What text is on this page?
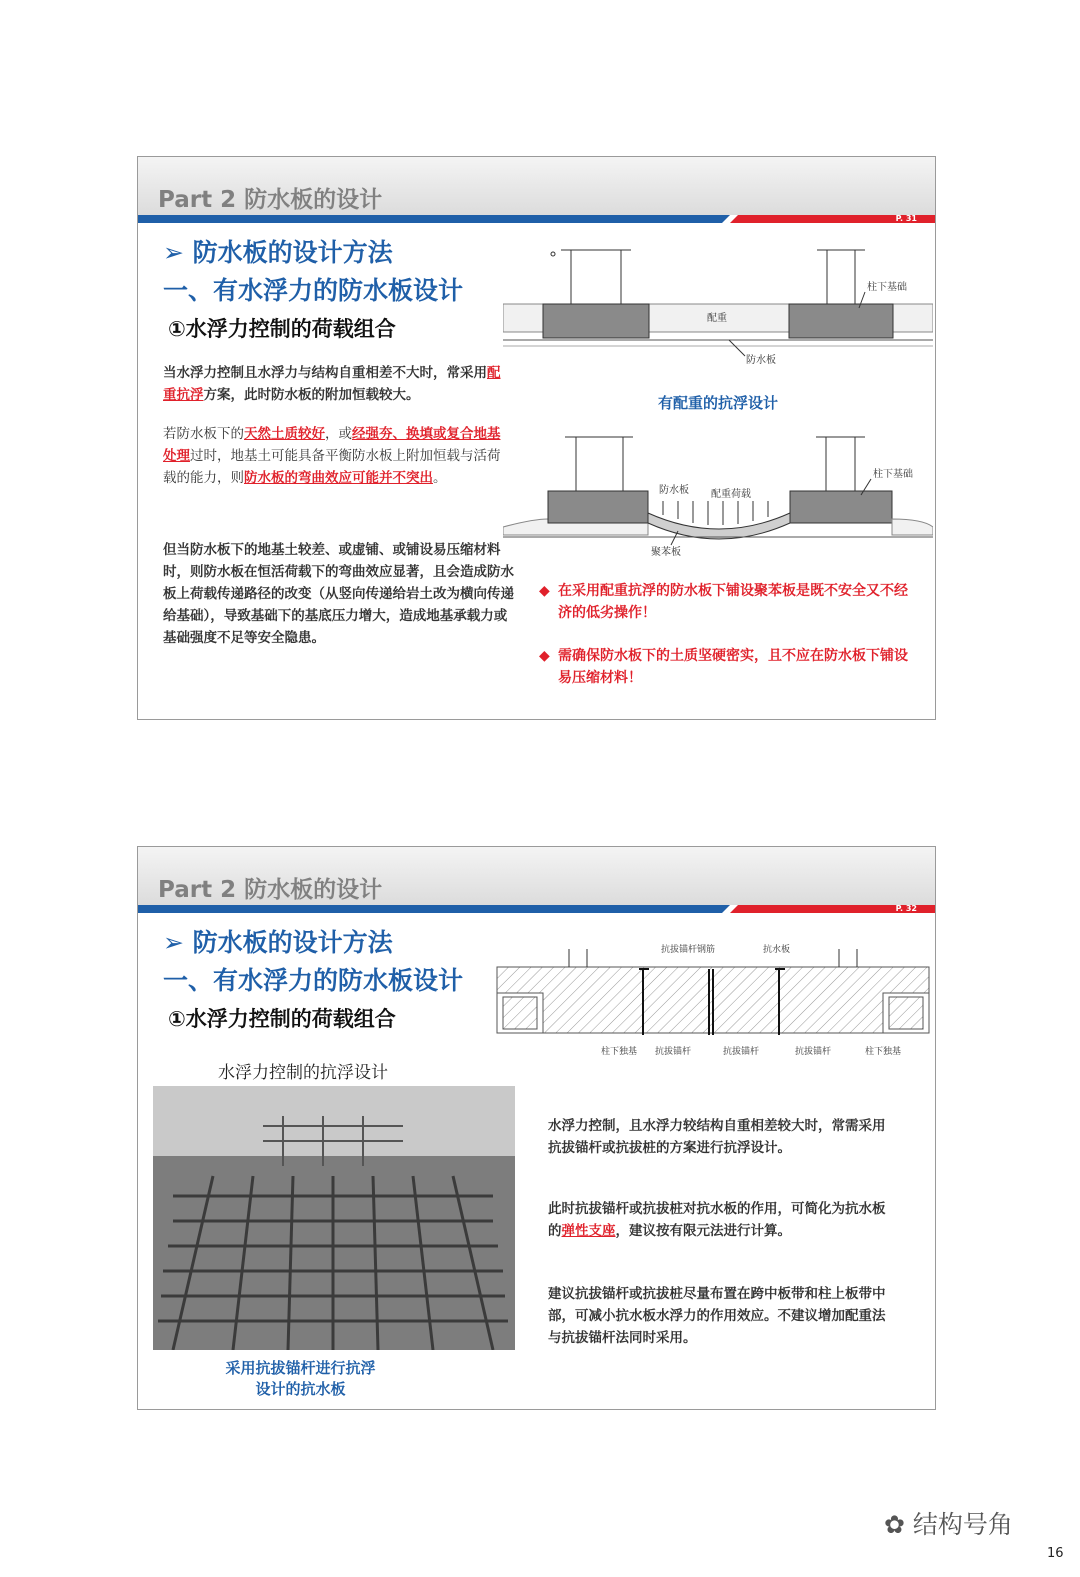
Part 2 防水板的设计
P. 31
➢ 防水板的设计方法
一、有水浮力的防水板设计
①水浮力控制的荷载组合
当水浮力控制且水浮力与结构自重相差不大时，常采用配重抗浮方案，此时防水板的附加恒载较大。
若防水板下的天然土质较好，或经强夯、换填或复合地基处理过时，地基土可能具备平衡防水板上附加恒载与活荷载的能力，则防水板的弯曲效应可能并不突出。
但当防水板下的地基土较差、或虚铺、或铺设易压缩材料时，则防水板在恒活荷载下的弯曲效应显著，且会造成防水板上荷载传递路径的改变（从竖向传递给岩土改为横向传递给基础），导致基础下的基底压力增大，造成地基承载力或基础强度不足等安全隐患。
柱下基础
配重
防水板
有配重的抗浮设计
防水板 配重荷载
柱下基础
聚苯板
◆ 在采用配重抗浮的防水板下铺设聚苯板是既不安全又不经济的低劣操作！
◆ 需确保防水板下的土质坚硬密实，且不应在防水板下铺设易压缩材料！
Part 2 防水板的设计
P. 32
➢ 防水板的设计方法
一、有水浮力的防水板设计
①水浮力控制的荷载组合
抗拔锚杆钢筋	抗水板
柱下独基 抗拔锚杆	抗拔锚杆	抗拔锚杆	柱下独基
水浮力控制的抗浮设计
采用抗拔锚杆进行抗浮
设计的抗水板
水浮力控制，且水浮力较结构自重相差较大时，常需采用抗拔锚杆或抗拔桩的方案进行抗浮设计。
此时抗拔锚杆或抗拔桩对抗水板的作用，可简化为抗水板的弹性支座，建议按有限元法进行计算。
建议抗拔锚杆或抗拔桩尽量布置在跨中板带和柱上板带中部，可减小抗水板水浮力的作用效应。不建议增加配重法与抗拔锚杆法同时采用。
✿ 结构号角
16
